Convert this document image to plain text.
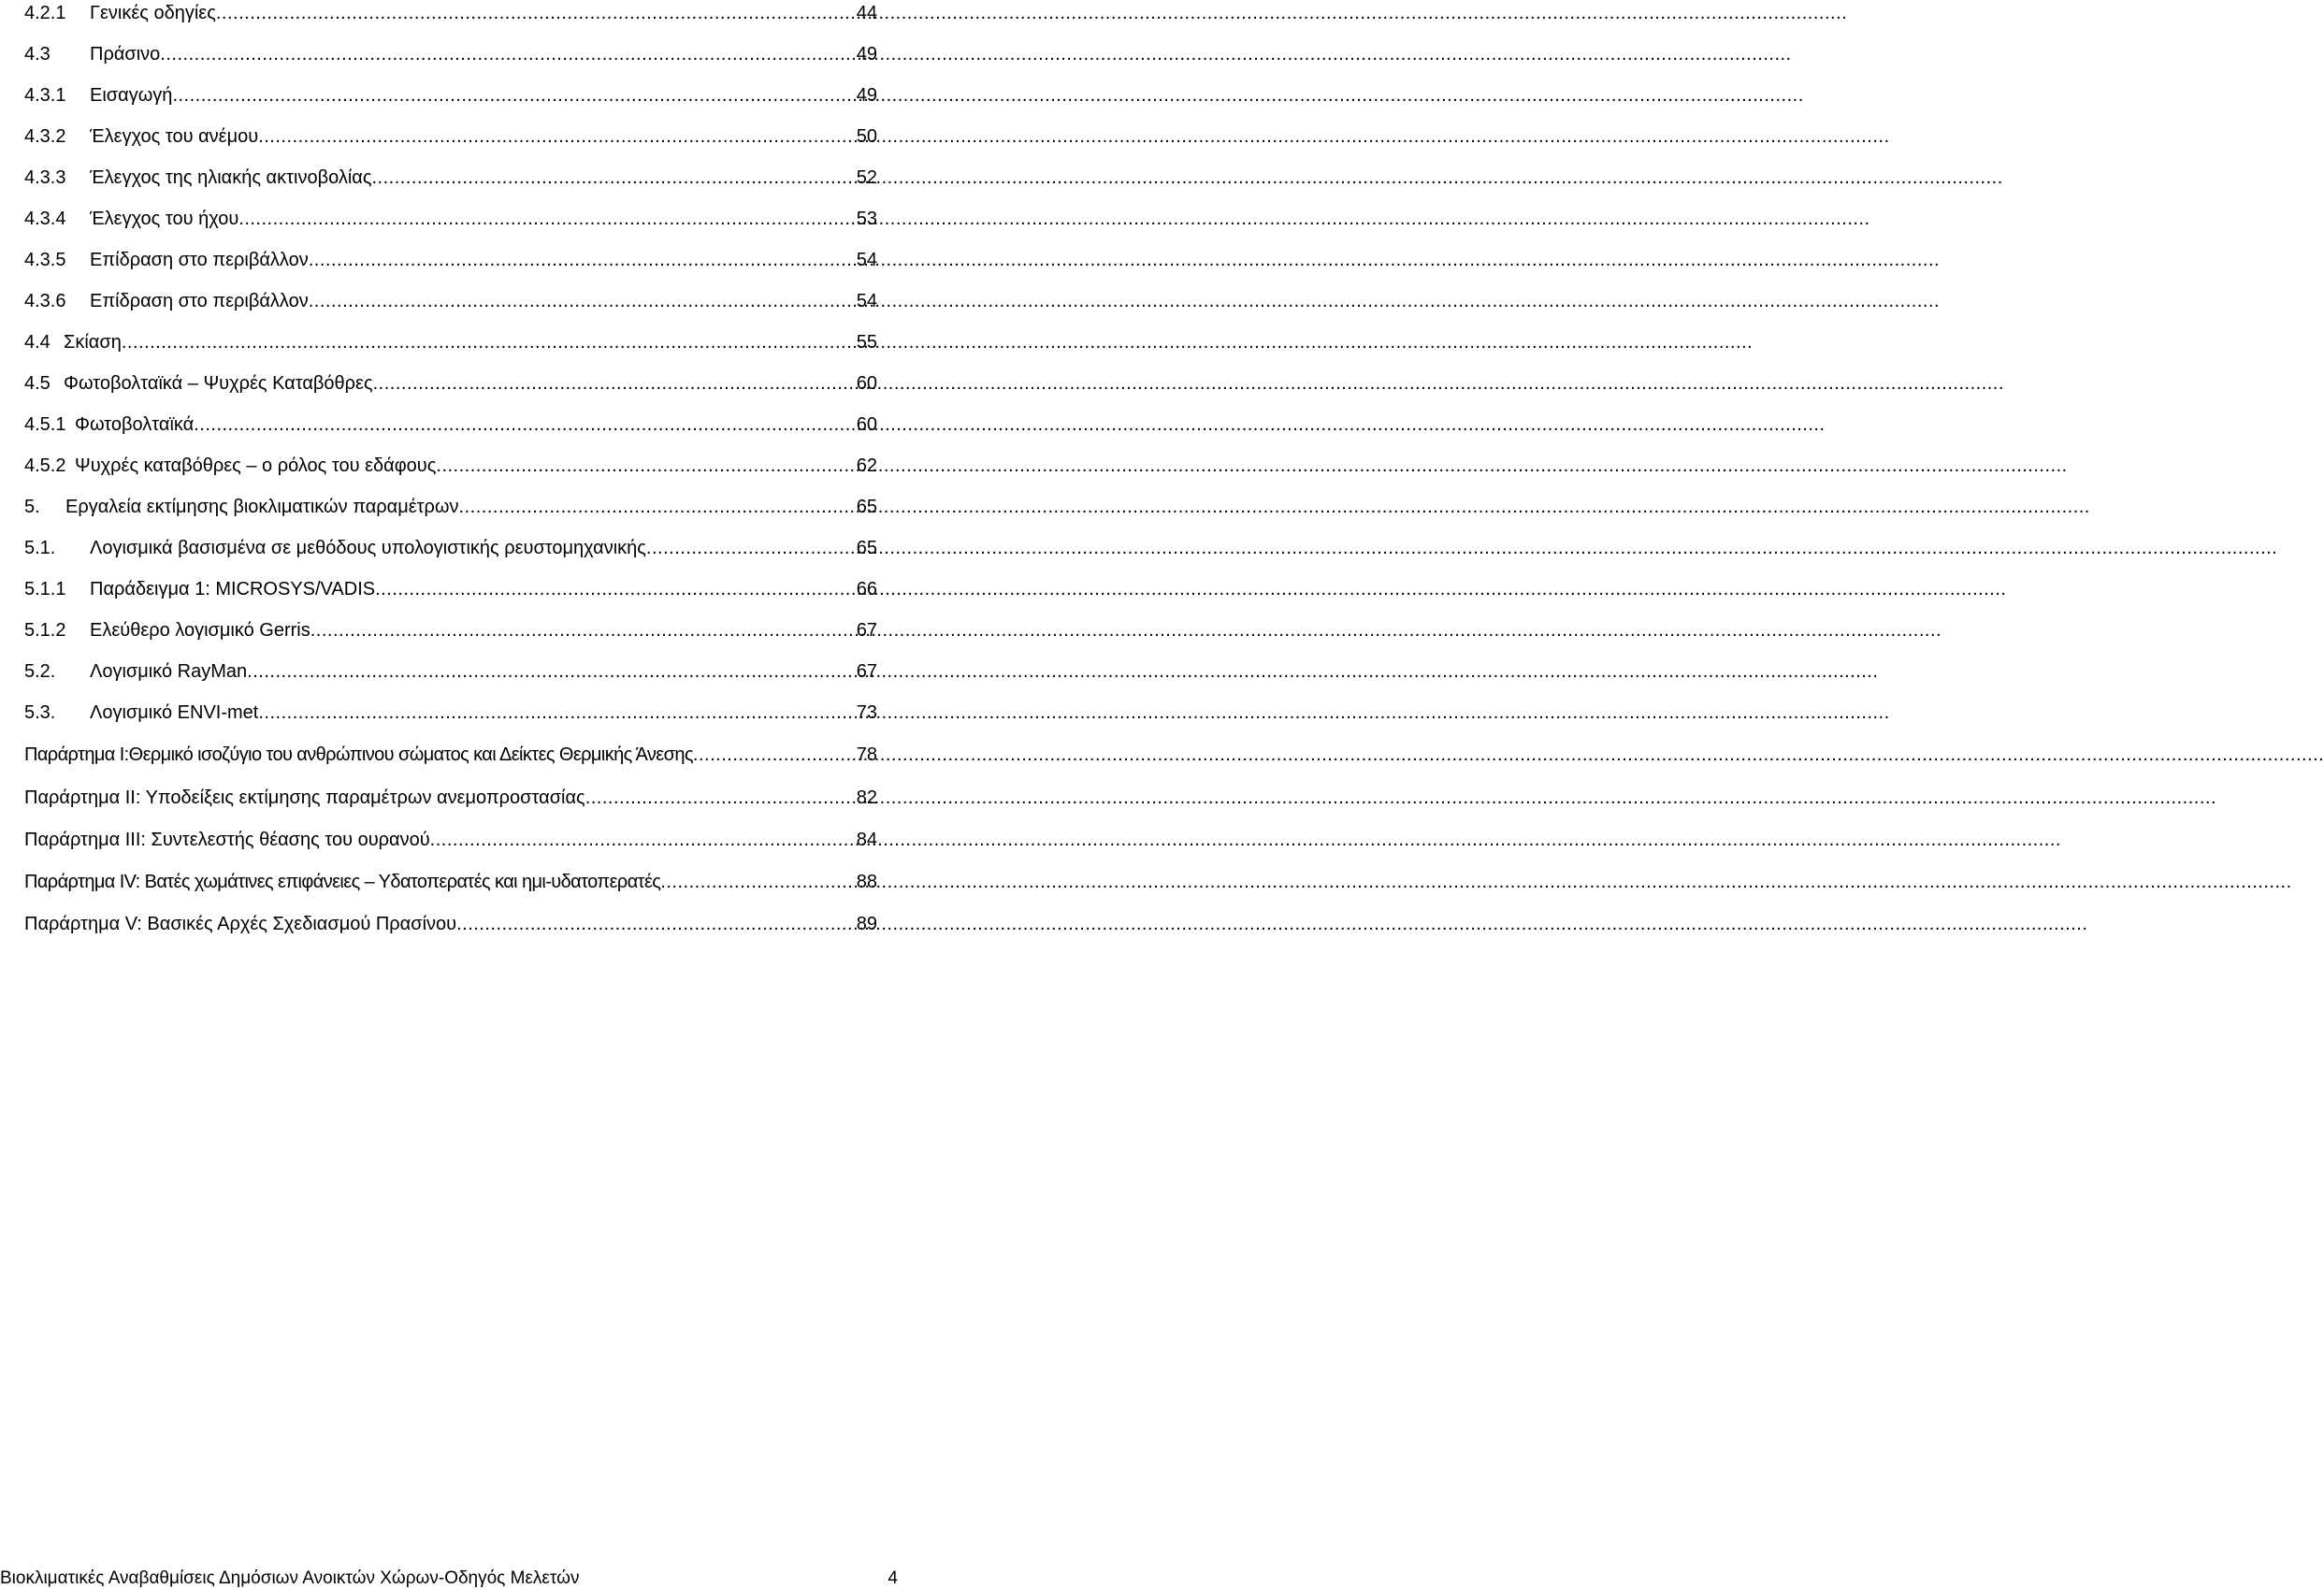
4.2.1	Γενικές οδηγίες .....	44
4.3	Πράσινο .....	49
4.3.1	Εισαγωγή .....	49
4.3.2	Έλεγχος του ανέμου .....	50
4.3.3	Έλεγχος της ηλιακής ακτινοβολίας .....	52
4.3.4	Έλεγχος του ήχου .....	53
4.3.5	Επίδραση στο περιβάλλον .....	54
4.3.6	Επίδραση στο περιβάλλον .....	54
4.4 Σκίαση .....	55
4.5 Φωτοβολταϊκά – Ψυχρές Καταβόθρες .....	60
4.5.1 Φωτοβολταϊκά .....	60
4.5.2 Ψυχρές καταβόθρες – ο ρόλος του εδάφους .....	62
5.	Εργαλεία εκτίμησης βιοκλιματικών παραμέτρων .....	65
5.1.	Λογισμικά βασισμένα σε μεθόδους υπολογιστικής ρευστομηχανικής .....	65
5.1.1	Παράδειγμα 1: MICROSYS/VADIS .....	66
5.1.2	Ελεύθερο λογισμικό Gerris .....	67
5.2.	Λογισμικό RayMan .....	67
5.3.	Λογισμικό ENVI-met .....	73
Παράρτημα Ι:Θερμικό ισοζύγιο του ανθρώπινου σώματος και Δείκτες Θερμικής Άνεσης .....	78
Παράρτημα ΙΙ: Υποδείξεις εκτίμησης παραμέτρων ανεμοπροστασίας .....	82
Παράρτημα ΙΙΙ: Συντελεστής θέασης του ουρανού .....	84
Παράρτημα IV: Βατές χωμάτινες επιφάνειες – Υδατοπερατές και ημι-υδατοπερατές .....	88
Παράρτημα V: Βασικές Αρχές Σχεδιασμού Πρασίνου .....	89
Βιοκλιματικές Αναβαθμίσεις Δημόσιων Ανοικτών Χώρων-Οδηγός Μελετών	4
